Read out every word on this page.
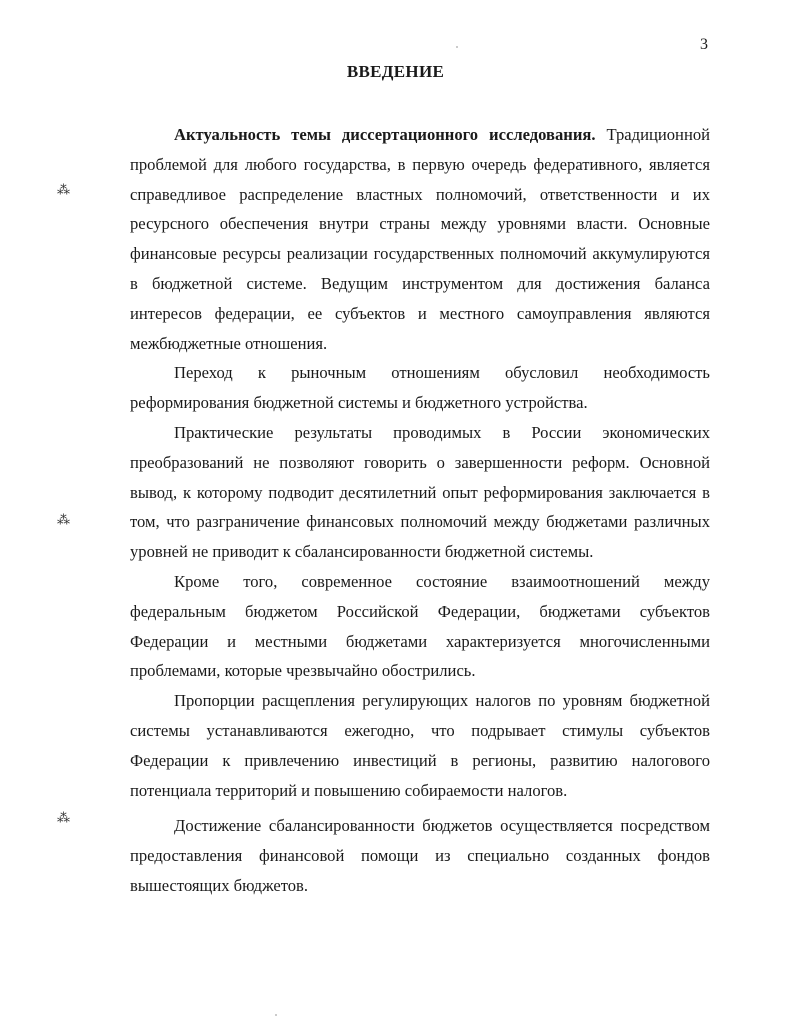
3
ВВЕДЕНИЕ
⁂
⁂
⁂

Актуальность темы диссертационного исследования. Традиционной проблемой для любого государства, в первую очередь федеративного, является справедливое распределение властных полномочий, ответственности и их ресурсного обеспечения внутри страны между уровнями власти. Основные финансовые ресурсы реализации государственных полномочий аккумулируются в бюджетной системе. Ведущим инструментом для достижения баланса интересов федерации, ее субъектов и местного самоуправления являются межбюджетные отношения.

Переход к рыночным отношениям обусловил необходимость реформирования бюджетной системы и бюджетного устройства.

Практические результаты проводимых в России экономических преобразований не позволяют говорить о завершенности реформ. Основной вывод, к которому подводит десятилетний опыт реформирования заключается в том, что разграничение финансовых полномочий между бюджетами различных уровней не приводит к сбалансированности бюджетной системы.

Кроме того, современное состояние взаимоотношений между федеральным бюджетом Российской Федерации, бюджетами субъектов Федерации и местными бюджетами характеризуется многочисленными проблемами, которые чрезвычайно обострились.

Пропорции расщепления регулирующих налогов по уровням бюджетной системы устанавливаются ежегодно, что подрывает стимулы субъектов Федерации к привлечению инвестиций в регионы, развитию налогового потенциала территорий и повышению собираемости налогов.

Достижение сбалансированности бюджетов осуществляется посредством предоставления финансовой помощи из специально созданных фондов вышестоящих бюджетов.
